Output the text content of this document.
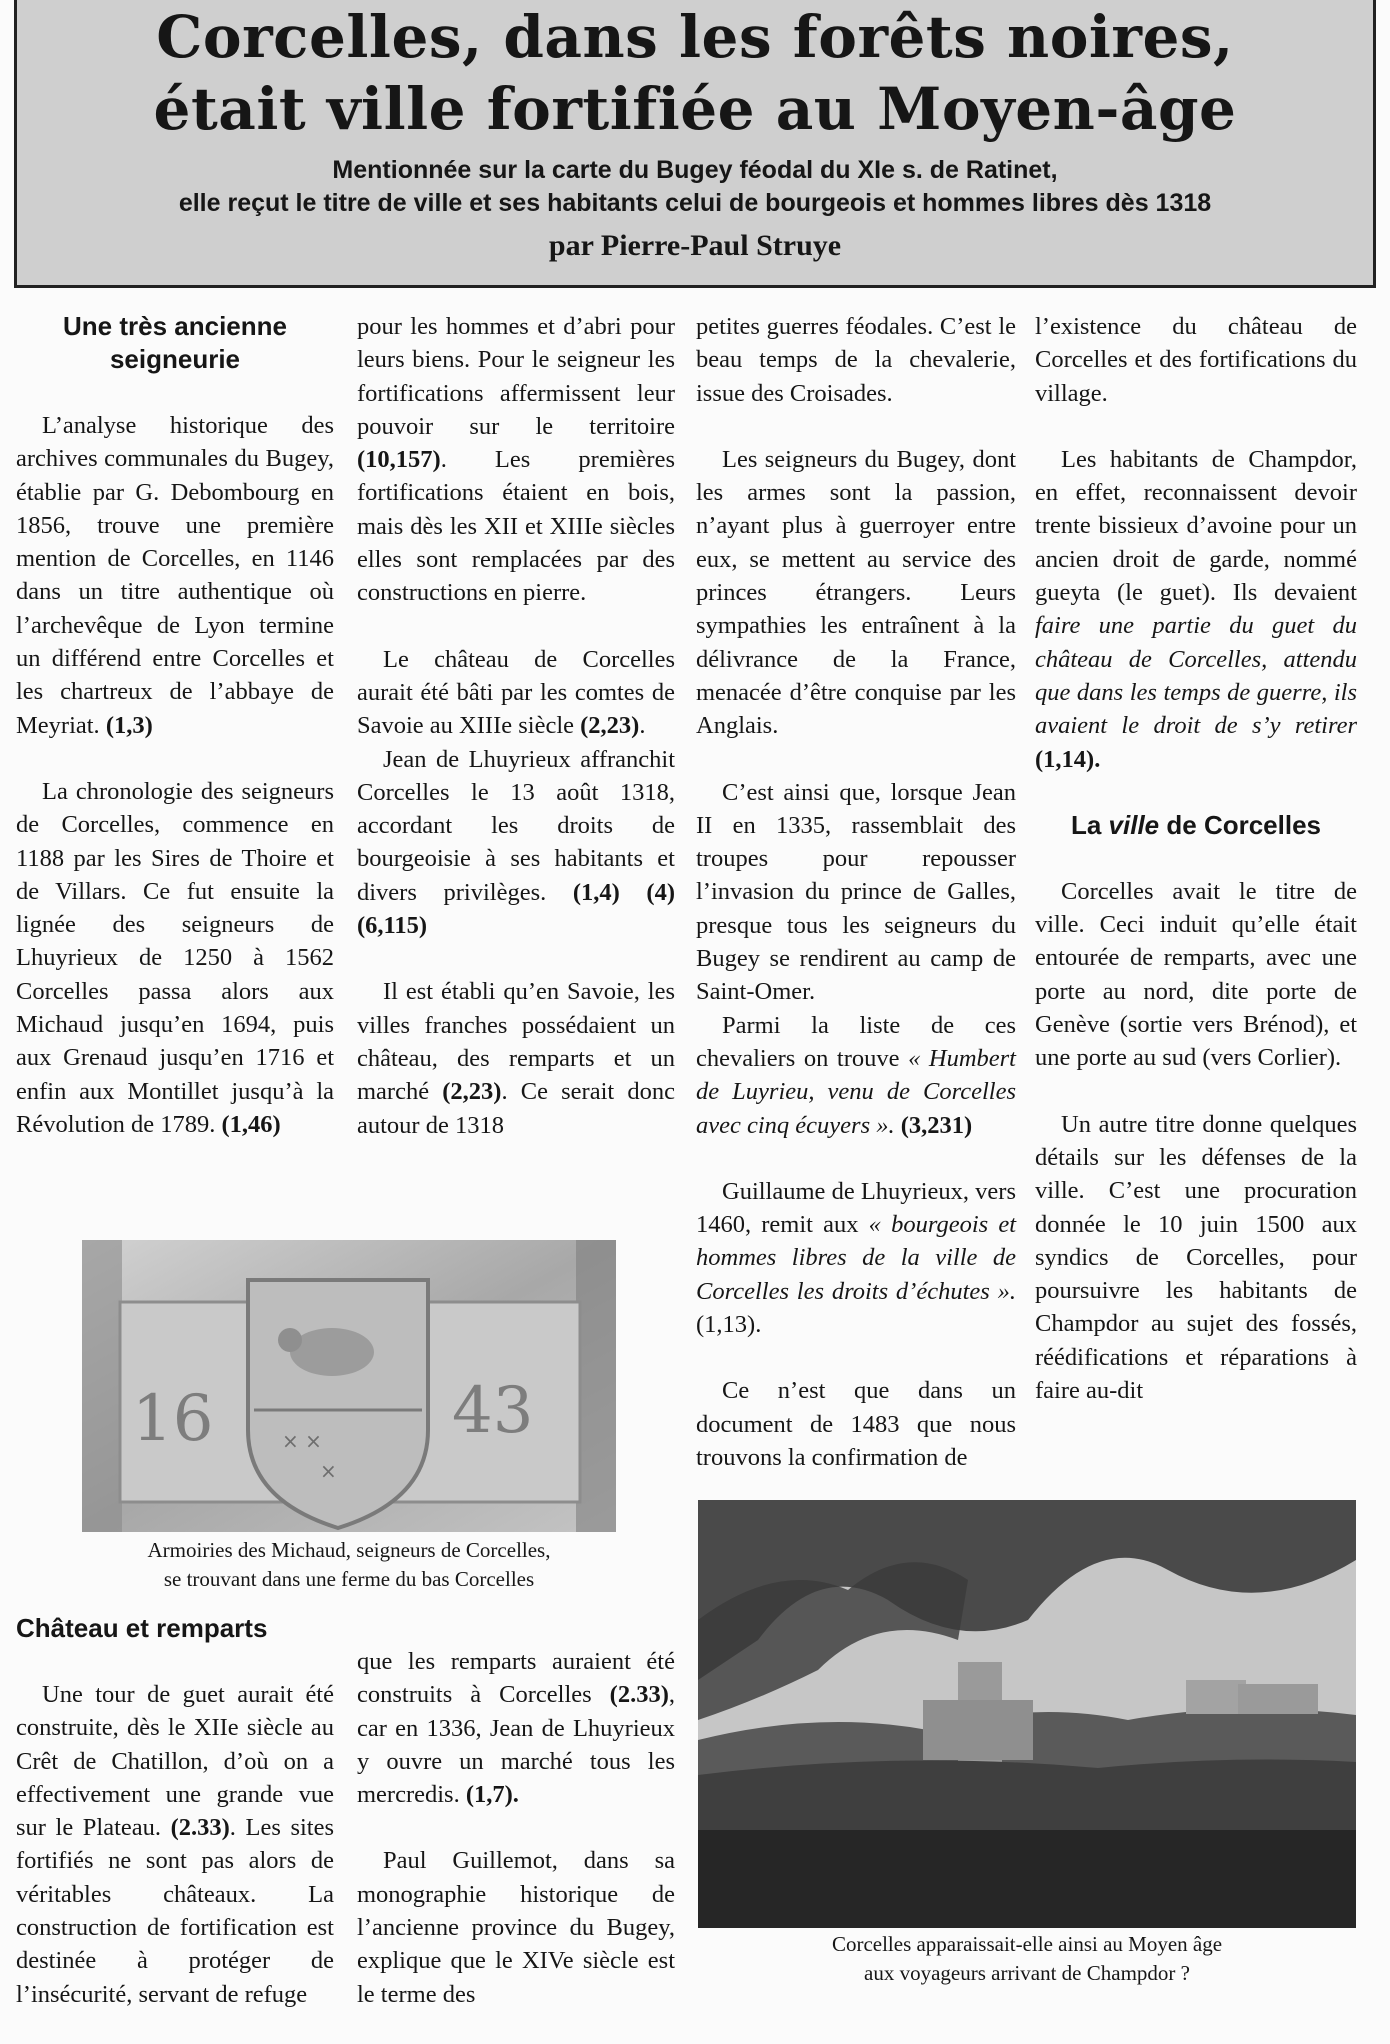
Corcelles, dans les forêts noires,
était ville fortifiée au Moyen-âge
Mentionnée sur la carte du Bugey féodal du XIe s. de Ratinet,
elle reçut le titre de ville et ses habitants celui de bourgeois et hommes libres dès 1318
par Pierre-Paul Struye
Une très ancienne seigneurie

L’analyse historique des archives communales du Bugey, établie par G. Debombourg en 1856, trouve une première mention de Corcelles, en 1146 dans un titre authentique où l’archevêque de Lyon termine un différend entre Corcelles et les chartreux de l’abbaye de Meyriat. (1,3)

La chronologie des seigneurs de Corcelles, commence en 1188 par les Sires de Thoire et de Villars. Ce fut ensuite la lignée des seigneurs de Lhuyrieux de 1250 à 1562 Corcelles passa alors aux Michaud jusqu’en 1694, puis aux Grenaud jusqu’en 1716 et enfin aux Montillet jusqu’à la Révolution de 1789. (1,46)

pour les hommes et d’abri pour leurs biens. Pour le seigneur les fortifications affermissent leur pouvoir sur le territoire (10,157). Les premières fortifications étaient en bois, mais dès les XII et XIIIe siècles elles sont remplacées par des constructions en pierre.

Le château de Corcelles aurait été bâti par les comtes de Savoie au XIIIe siècle (2,23).

Jean de Lhuyrieux affranchit Corcelles le 13 août 1318, accordant les droits de bourgeoisie à ses habitants et divers privilèges. (1,4) (4) (6,115)

Il est établi qu’en Savoie, les villes franches possédaient un château, des remparts et un marché (2,23). Ce serait donc autour de 1318

petites guerres féodales. C’est le beau temps de la chevalerie, issue des Croisades.

Les seigneurs du Bugey, dont les armes sont la passion, n’ayant plus à guerroyer entre eux, se mettent au service des princes étrangers. Leurs sympathies les entraînent à la délivrance de la France, menacée d’être conquise par les Anglais.

C’est ainsi que, lorsque Jean II en 1335, rassemblait des troupes pour repousser l’invasion du prince de Galles, presque tous les seigneurs du Bugey se rendirent au camp de Saint-Omer.

Parmi la liste de ces chevaliers on trouve « Humbert de Luyrieu, venu de Corcelles avec cinq écuyers ». (3,231)

Guillaume de Lhuyrieux, vers 1460, remit aux « bourgeois et hommes libres de la ville de Corcelles les droits d’échutes ». (1,13).

Ce n’est que dans un document de 1483 que nous trouvons la confirmation de

l’existence du château de Corcelles et des fortifications du village.

Les habitants de Champdor, en effet, reconnaissent devoir trente bissieux d’avoine pour un ancien droit de garde, nommé gueyta (le guet). Ils devaient faire une partie du guet du château de Corcelles, attendu que dans les temps de guerre, ils avaient le droit de s’y retirer (1,14).

La ville de Corcelles

Corcelles avait le titre de ville. Ceci induit qu’elle était entourée de remparts, avec une porte au nord, dite porte de Genève (sortie vers Brénod), et une porte au sud (vers Corlier).

Un autre titre donne quelques détails sur les défenses de la ville. C’est une procuration donnée le 10 juin 1500 aux syndics de Corcelles, pour poursuivre les habitants de Champdor au sujet des fossés, réédifications et réparations à faire au-dit

× ×
×
16	43
Armoiries des Michaud, seigneurs de Corcelles,
se trouvant dans une ferme du bas Corcelles
Château et remparts

Une tour de guet aurait été construite, dès le XIIe siècle au Crêt de Chatillon, d’où on a effectivement une grande vue sur le Plateau. (2.33). Les sites fortifiés ne sont pas alors de véritables châteaux. La construction de fortification est destinée à protéger de l’insécurité, servant de refuge

que les remparts auraient été construits à Corcelles (2.33), car en 1336, Jean de Lhuyrieux y ouvre un marché tous les mercredis. (1,7).

Paul Guillemot, dans sa monographie historique de l’ancienne province du Bugey, explique que le XIVe siècle est le terme des

Corcelles apparaissait-elle ainsi au Moyen âge
aux voyageurs arrivant de Champdor ?
